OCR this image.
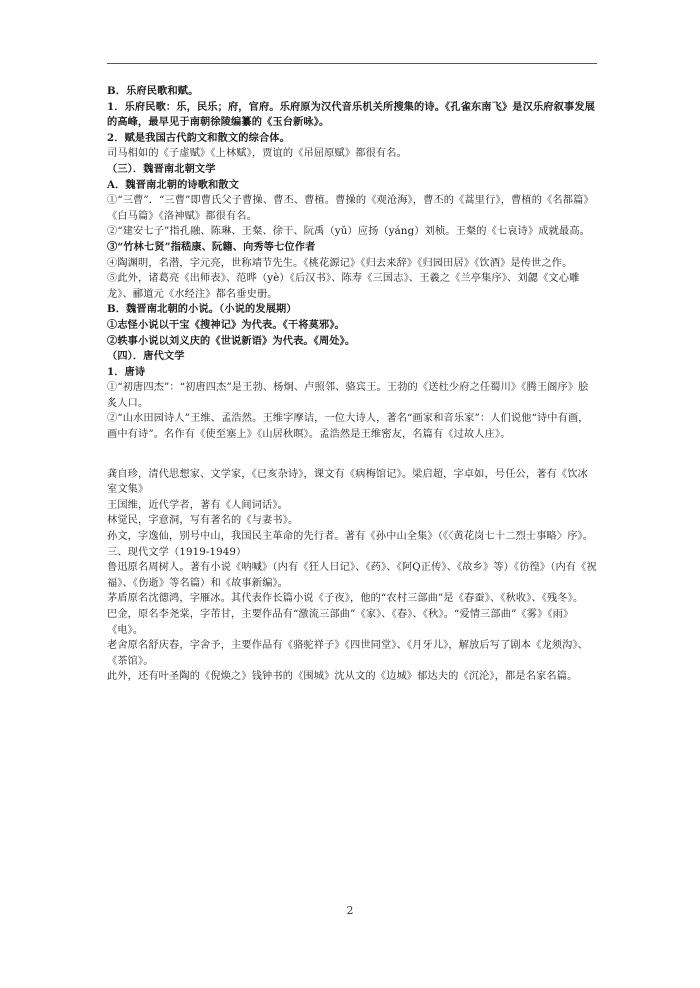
B．乐府民歌和赋。

1．乐府民歌：乐，民乐；府，官府。乐府原为汉代音乐机关所搜集的诗。《孔雀东南飞》是汉乐府叙事发展的高峰，最早见于南朝徐陵编纂的《玉台新咏》。

2．赋是我国古代韵文和散文的综合体。

司马相如的《子虚赋》《上林赋》，贾谊的《吊屈原赋》都很有名。

（三）．魏晋南北朝文学

A．魏晋南北朝的诗歌和散文

①“三曹”．“三曹”即曹氏父子曹操、曹丕、曹植。曹操的《观沧海》，曹丕的《蒿里行》，曹植的《名都篇》《白马篇》《洛神赋》都很有名。

②“建安七子”指孔融、陈琳、王粲、徐干、阮禹（yǔ）应扬（yáng）刘桢。王粲的《七哀诗》成就最高。

③“竹林七贤”指嵇康、阮籍、向秀等七位作者

④陶渊明，名潜，字元亮，世称靖节先生。《桃花源记》《归去来辞》《归园田居》《饮酒》是传世之作。

⑤此外，诸葛亮《出师表》、范晔（yè）《后汉书》、陈寿《三国志》、王羲之《兰亭集序》、刘勰《文心雕龙》、郦道元《水经注》都名垂史册。

B．魏晋南北朝的小说。（小说的发展期）

①志怪小说以干宝《搜神记》为代表。《干将莫邪》。

②轶事小说以刘义庆的《世说新语》为代表。《周处》。

（四）．唐代文学

1．唐诗

①“初唐四杰”：“初唐四杰”是王勃、杨炯、卢照邻、骆宾王。王勃的《送杜少府之任蜀川》《腾王阁序》脍炙人口。

②“山水田园诗人”王维、孟浩然。王维字摩诘，一位大诗人，著名“画家和音乐家”：人们说他“诗中有画，画中有诗”。名作有《使至塞上》《山居秋暝》。孟浩然是王维密友，名篇有《过故人庄》。

龚自珍，清代思想家、文学家，《已亥杂诗》，课文有《病梅馆记》。梁启超，字卓如，号任公，著有《饮冰室文集》

王国维，近代学者，著有《人间词话》。

林觉民，字意洞，写有著名的《与妻书》。

孙文，字逸仙，别号中山，我国民主革命的先行者。著有《孙中山全集》（《〈黄花岗七十二烈士事略〉序》。

三、现代文学（1919-1949）

鲁迅原名周树人。著有小说《呐喊》（内有《狂人日记》、《药》、《阿Q正传》、《故乡》等）《彷徨》（内有《祝福》、《伤逝》等名篇）和《故事新编》。

茅盾原名沈德鸿，字雁冰。其代表作长篇小说《子夜》，他的“农村三部曲”是《春蚕》、《秋收》、《残冬》。

巴金，原名李尧棠，字芾甘，主要作品有“激流三部曲”《家》、《春》、《秋》。“爱情三部曲”《雾》《雨》《电》。

老舍原名舒庆春，字舍予，主要作品有《骆驼祥子》《四世同堂》、《月牙儿》，解放后写了剧本《龙须沟》、《茶馆》。

此外，还有叶圣陶的《倪焕之》钱钟书的《围城》沈从文的《边城》郁达夫的《沉沦》，都是名家名篇。

2
